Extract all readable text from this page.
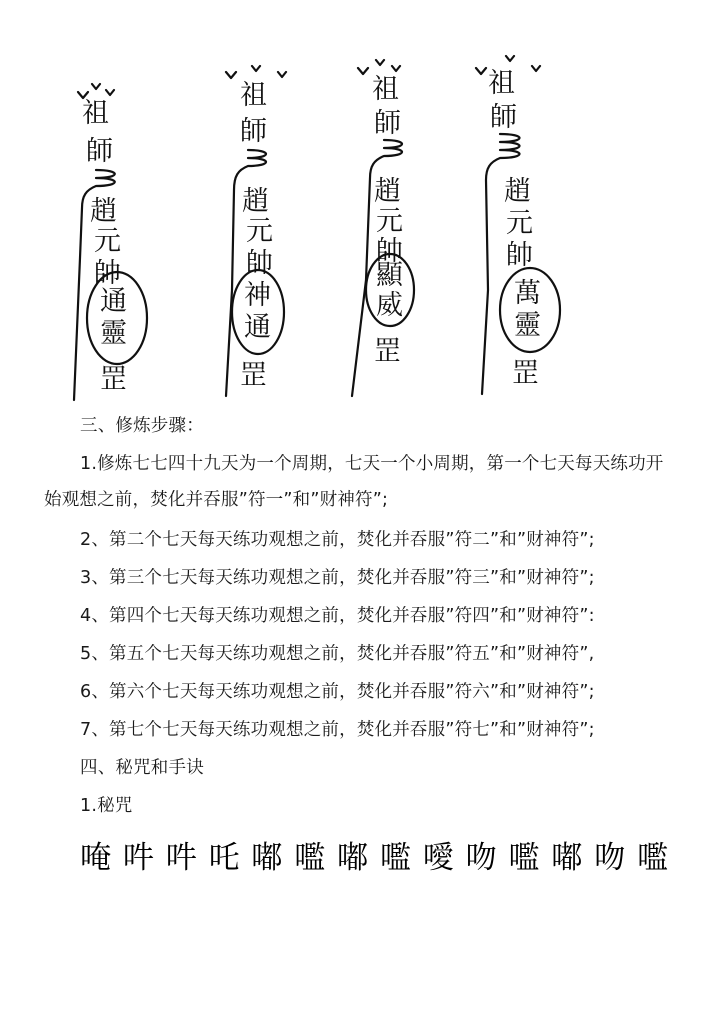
祖
師
趙
元
帥
通
靈
罡
祖
師
趙
元
帥
神
通
罡
祖
師
趙
元
帥
顯
威
罡
祖
師
趙
元
帥
萬
靈
罡
三、修炼步骤：
1.修炼七七四十九天为一个周期，七天一个小周期，第一个七天每天练功开
始观想之前，焚化并吞服”符一”和”财神符”;
2、第二个七天每天练功观想之前，焚化并吞服”符二”和”财神符”;
3、第三个七天每天练功观想之前，焚化并吞服”符三”和”财神符”;
4、第四个七天每天练功观想之前，焚化并吞服”符四”和”财神符”:
5、第五个七天每天练功观想之前，焚化并吞服”符五”和”财神符”,
6、第六个七天每天练功观想之前，焚化并吞服”符六”和”财神符”;
7、第七个七天每天练功观想之前，焚化并吞服”符七”和”财神符”;
四、秘咒和手诀
1.秘咒
唵 吽 吽 吒 嘟 嚂 嘟 嚂 噯 吻 嚂 嘟 吻 嚂
